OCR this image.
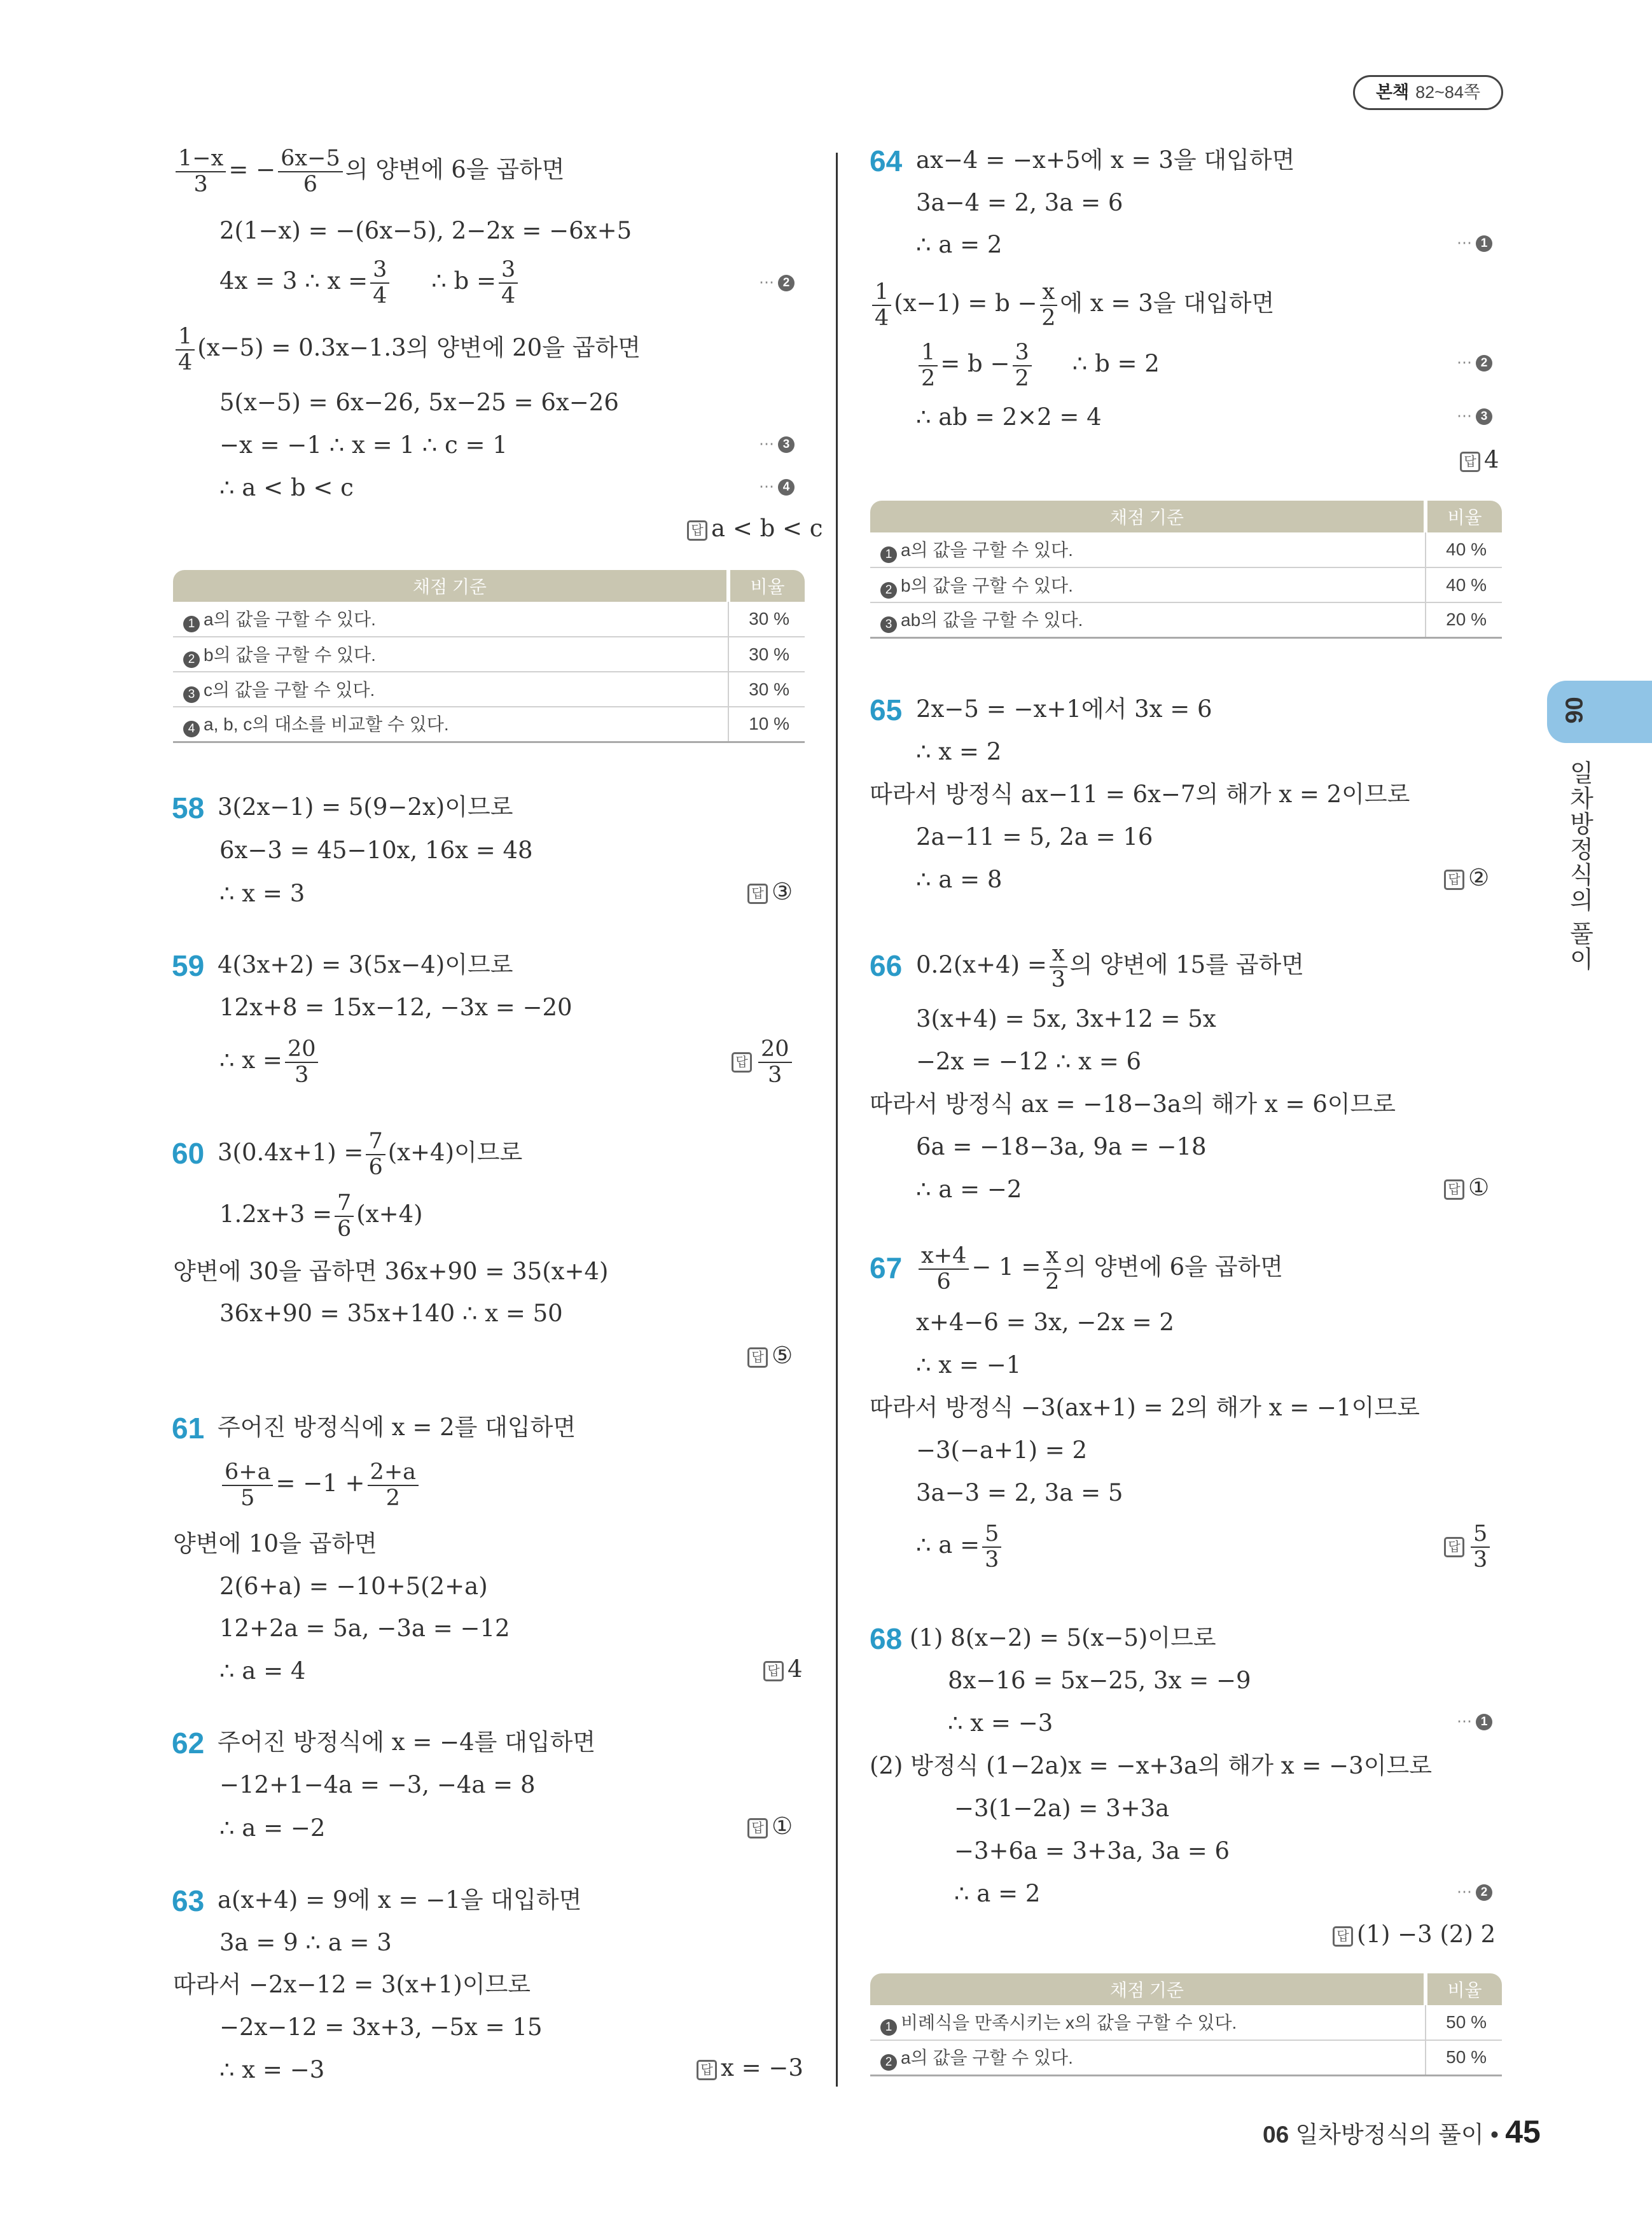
본책 82~84쪽
06
일차방정식의 풀이
$\frac{1-x}{3}$ = − $\frac{6x-5}{6}$ 의 양변에 6을 곱하면
2(1−x) = −(6x−5), 2−2x = −6x+5
4x = 3 ∴ $x = \frac{3}{4}$ ∴ $b = \frac{3}{4}$	⋯ 2
$\frac{1}{4} (x-5) = 0.3x-1.3$의 양변에 20을 곱하면
5(x−5) = 6x−26, 5x−25 = 6x−26
−x = −1 ∴ x = 1 ∴ c = 1	⋯ 3
∴ a < b < c	⋯ 4
답 a < b < c
채점 기준	비율
1 a의 값을 구할 수 있다.	30 %
2 b의 값을 구할 수 있다.	30 %
3 c의 값을 구할 수 있다.	30 %
4 a, b, c의 대소를 비교할 수 있다.	10 %
58 3(2x−1) = 5(9−2x)이므로
6x−3 = 45−10x, 16x = 48
∴ x = 3	답 ③
59 4(3x+2) = 3(5x−4)이므로
12x+8 = 15x−12, −3x = −20
∴ $x = \frac{20}{3}$	답 $\frac{20}{3}$
60 $3(0.4x+1) = \frac{7}{6} (x+4)$이므로
$1.2x+3 = \frac{7}{6} (x+4)$
양변에 30을 곱하면 36x+90 = 35(x+4)
36x+90 = 35x+140 ∴ x = 50
답 ⑤
61 주어진 방정식에 x = 2를 대입하면
$\frac{6+a}{5} = -1 + \frac{2+a}{2}$
양변에 10을 곱하면
2(6+a) = −10+5(2+a)
12+2a = 5a, −3a = −12
∴ a = 4	답 4
62 주어진 방정식에 x = −4를 대입하면
−12+1−4a = −3, −4a = 8
∴ a = −2	답 ①
63 a(x+4) = 9에 x = −1을 대입하면
3a = 9 ∴ a = 3
따라서 −2x−12 = 3(x+1)이므로
−2x−12 = 3x+3, −5x = 15
∴ x = −3	답 x = −3
64 ax−4 = −x+5에 x = 3을 대입하면
3a−4 = 2, 3a = 6
∴ a = 2	⋯ 1
$\frac{1}{4} (x-1) = b - \frac{x}{2}$ 에 x = 3을 대입하면
$\frac{1}{2} = b - \frac{3}{2}$ ∴ b = 2	⋯ 2
∴ ab = 2×2 = 4	⋯ 3
답 4
채점 기준	비율
1 a의 값을 구할 수 있다.	40 %
2 b의 값을 구할 수 있다.	40 %
3 ab의 값을 구할 수 있다.	20 %
65 2x−5 = −x+1에서 3x = 6
∴ x = 2
따라서 방정식 ax−11 = 6x−7의 해가 x = 2이므로
2a−11 = 5, 2a = 16
∴ a = 8	답 ②
66 $0.2(x+4) = \frac{x}{3}$ 의 양변에 15를 곱하면
3(x+4) = 5x, 3x+12 = 5x
−2x = −12 ∴ x = 6
따라서 방정식 ax = −18−3a의 해가 x = 6이므로
6a = −18−3a, 9a = −18
∴ a = −2	답 ①
$67 \frac{x+4}{6} - 1 = \frac{x}{2}$ 의 양변에 6을 곱하면
x+4−6 = 3x, −2x = 2
∴ x = −1
따라서 방정식 −3(ax+1) = 2의 해가 x = −1이므로
−3(−a+1) = 2
3a−3 = 2, 3a = 5
∴ $a = \frac{5}{3}$	답 $\frac{5}{3}$
68 (1) 8(x−2) = 5(x−5)이므로
8x−16 = 5x−25, 3x = −9
∴ x = −3	⋯ 1
(2) 방정식 (1−2a)x = −x+3a의 해가 x = −3이므로
−3(1−2a) = 3+3a
−3+6a = 3+3a, 3a = 6
∴ a = 2	⋯ 2
답 (1) −3 (2) 2
채점 기준	비율
1 비례식을 만족시키는 x의 값을 구할 수 있다.	50 %
2 a의 값을 구할 수 있다.	50 %
06 일차방정식의 풀이 • 45
